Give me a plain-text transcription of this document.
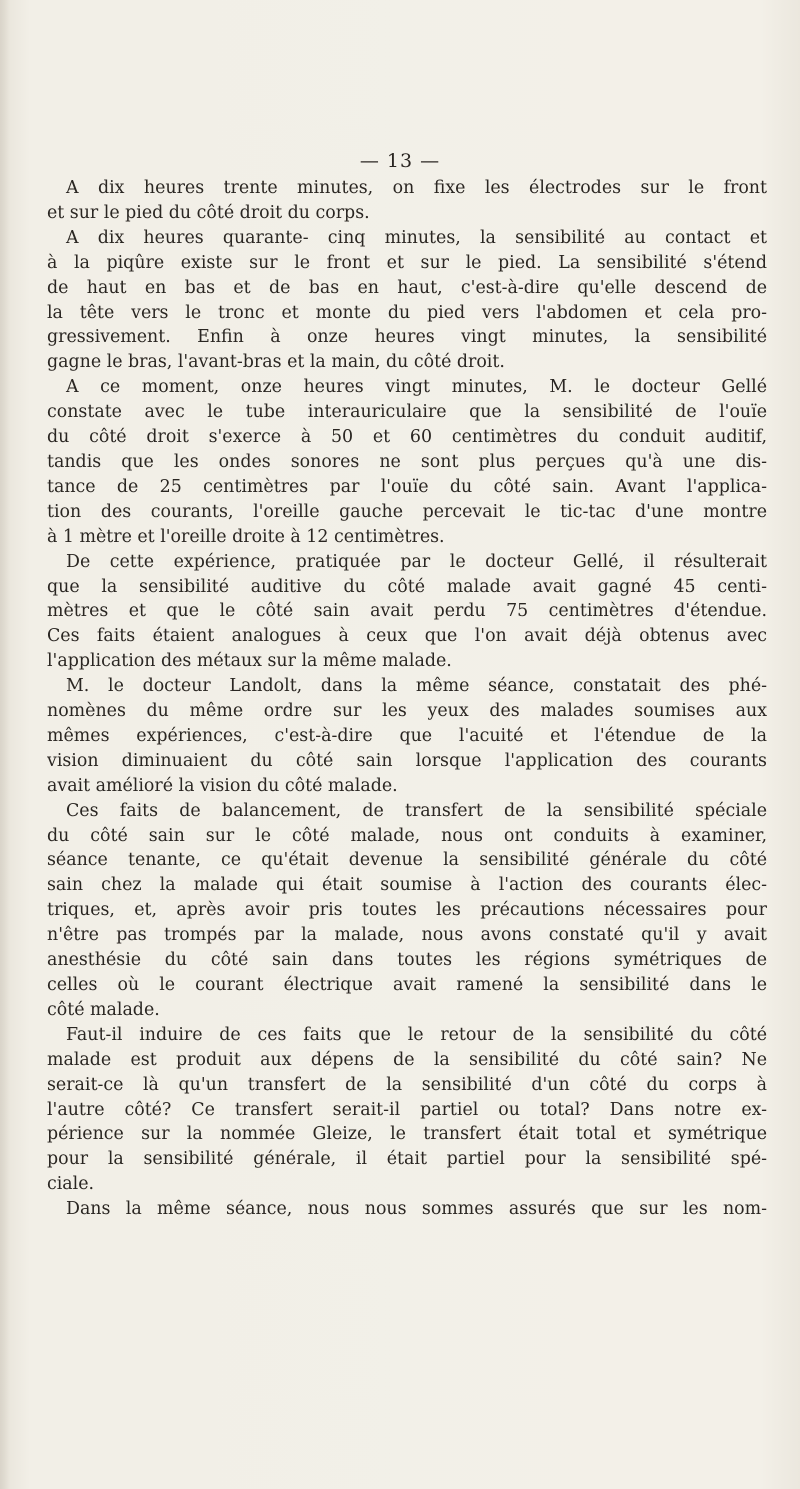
— 13 —
A dix heures trente minutes, on fixe les électrodes sur le front
et sur le pied du côté droit du corps.
A dix heures quarante- cinq minutes, la sensibilité au contact et
à la piqûre existe sur le front et sur le pied. La sensibilité s'étend
de haut en bas et de bas en haut, c'est-à-dire qu'elle descend de
la tête vers le tronc et monte du pied vers l'abdomen et cela pro-
gressivement. Enfin à onze heures vingt minutes, la sensibilité
gagne le bras, l'avant-bras et la main, du côté droit.
A ce moment, onze heures vingt minutes, M. le docteur Gellé
constate avec le tube interauriculaire que la sensibilité de l'ouïe
du côté droit s'exerce à 50 et 60 centimètres du conduit auditif,
tandis que les ondes sonores ne sont plus perçues qu'à une dis-
tance de 25 centimètres par l'ouïe du côté sain. Avant l'applica-
tion des courants, l'oreille gauche percevait le tic-tac d'une montre
à 1 mètre et l'oreille droite à 12 centimètres.
De cette expérience, pratiquée par le docteur Gellé, il résulterait
que la sensibilité auditive du côté malade avait gagné 45 centi-
mètres et que le côté sain avait perdu 75 centimètres d'étendue.
Ces faits étaient analogues à ceux que l'on avait déjà obtenus avec
l'application des métaux sur la même malade.
M. le docteur Landolt, dans la même séance, constatait des phé-
nomènes du même ordre sur les yeux des malades soumises aux
mêmes expériences, c'est-à-dire que l'acuité et l'étendue de la
vision diminuaient du côté sain lorsque l'application des courants
avait amélioré la vision du côté malade.
Ces faits de balancement, de transfert de la sensibilité spéciale
du côté sain sur le côté malade, nous ont conduits à examiner,
séance tenante, ce qu'était devenue la sensibilité générale du côté
sain chez la malade qui était soumise à l'action des courants élec-
triques, et, après avoir pris toutes les précautions nécessaires pour
n'être pas trompés par la malade, nous avons constaté qu'il y avait
anesthésie du côté sain dans toutes les régions symétriques de
celles où le courant électrique avait ramené la sensibilité dans le
côté malade.
Faut-il induire de ces faits que le retour de la sensibilité du côté
malade est produit aux dépens de la sensibilité du côté sain? Ne
serait-ce là qu'un transfert de la sensibilité d'un côté du corps à
l'autre côté? Ce transfert serait-il partiel ou total? Dans notre ex-
périence sur la nommée Gleize, le transfert était total et symétrique
pour la sensibilité générale, il était partiel pour la sensibilité spé-
ciale.
Dans la même séance, nous nous sommes assurés que sur les nom-
